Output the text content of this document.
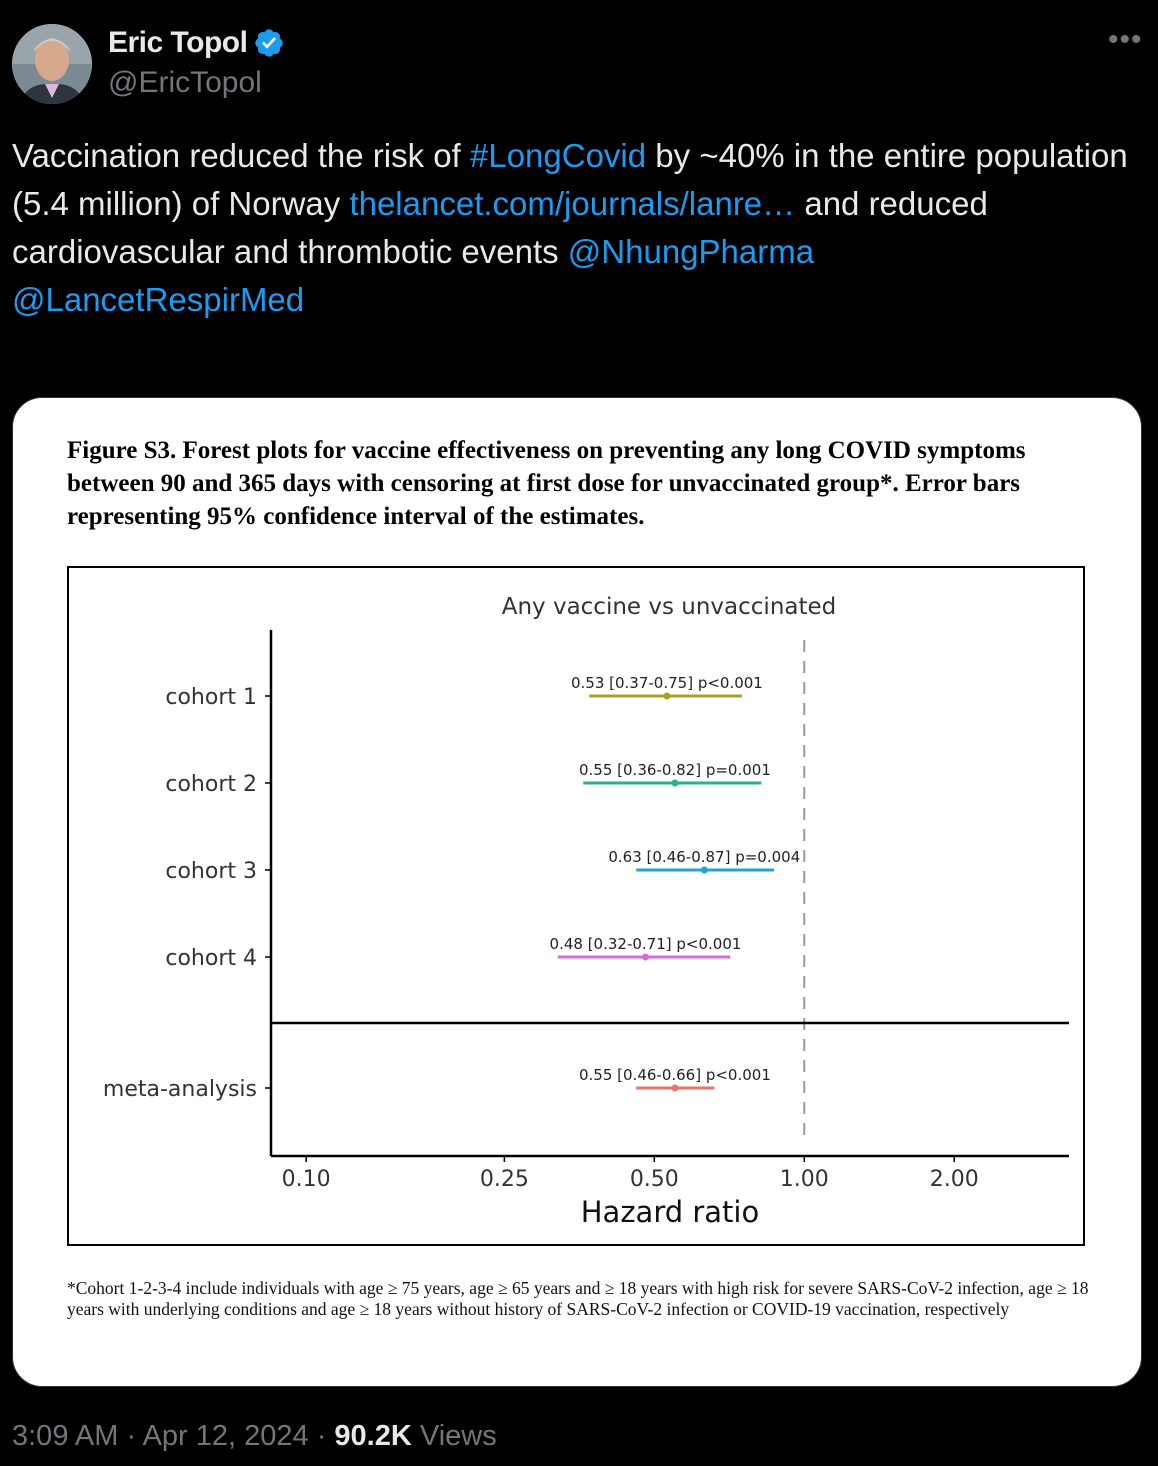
Eric Topol
@EricTopol
•••
Vaccination reduced the risk of #LongCovid by ~40% in the entire population (5.4 million) of Norway thelancet.com/journals/lanre… and reduced cardiovascular and thrombotic events @NhungPharma
@LancetRespirMed
Figure S3. Forest plots for vaccine effectiveness on preventing any long COVID symptoms between 90 and 365 days with censoring at first dose for unvaccinated group*. Error bars representing 95% confidence interval of the estimates.
Any vaccine vs unvaccinated
cohort 1
0.53 [0.37-0.75] p<0.001
cohort 2
0.55 [0.36-0.82] p=0.001
cohort 3
0.63 [0.46-0.87] p=0.004
cohort 4
0.48 [0.32-0.71] p<0.001
meta-analysis
0.55 [0.46-0.66] p<0.001
0.10	0.25	0.50	1.00	2.00
Hazard ratio
*Cohort 1-2-3-4 include individuals with age ≥ 75 years, age ≥ 65 years and ≥ 18 years with high risk for severe SARS-CoV-2 infection, age ≥ 18 years with underlying conditions and age ≥ 18 years without history of SARS-CoV-2 infection or COVID-19 vaccination, respectively
3:09 AM · Apr 12, 2024 · 90.2K Views
